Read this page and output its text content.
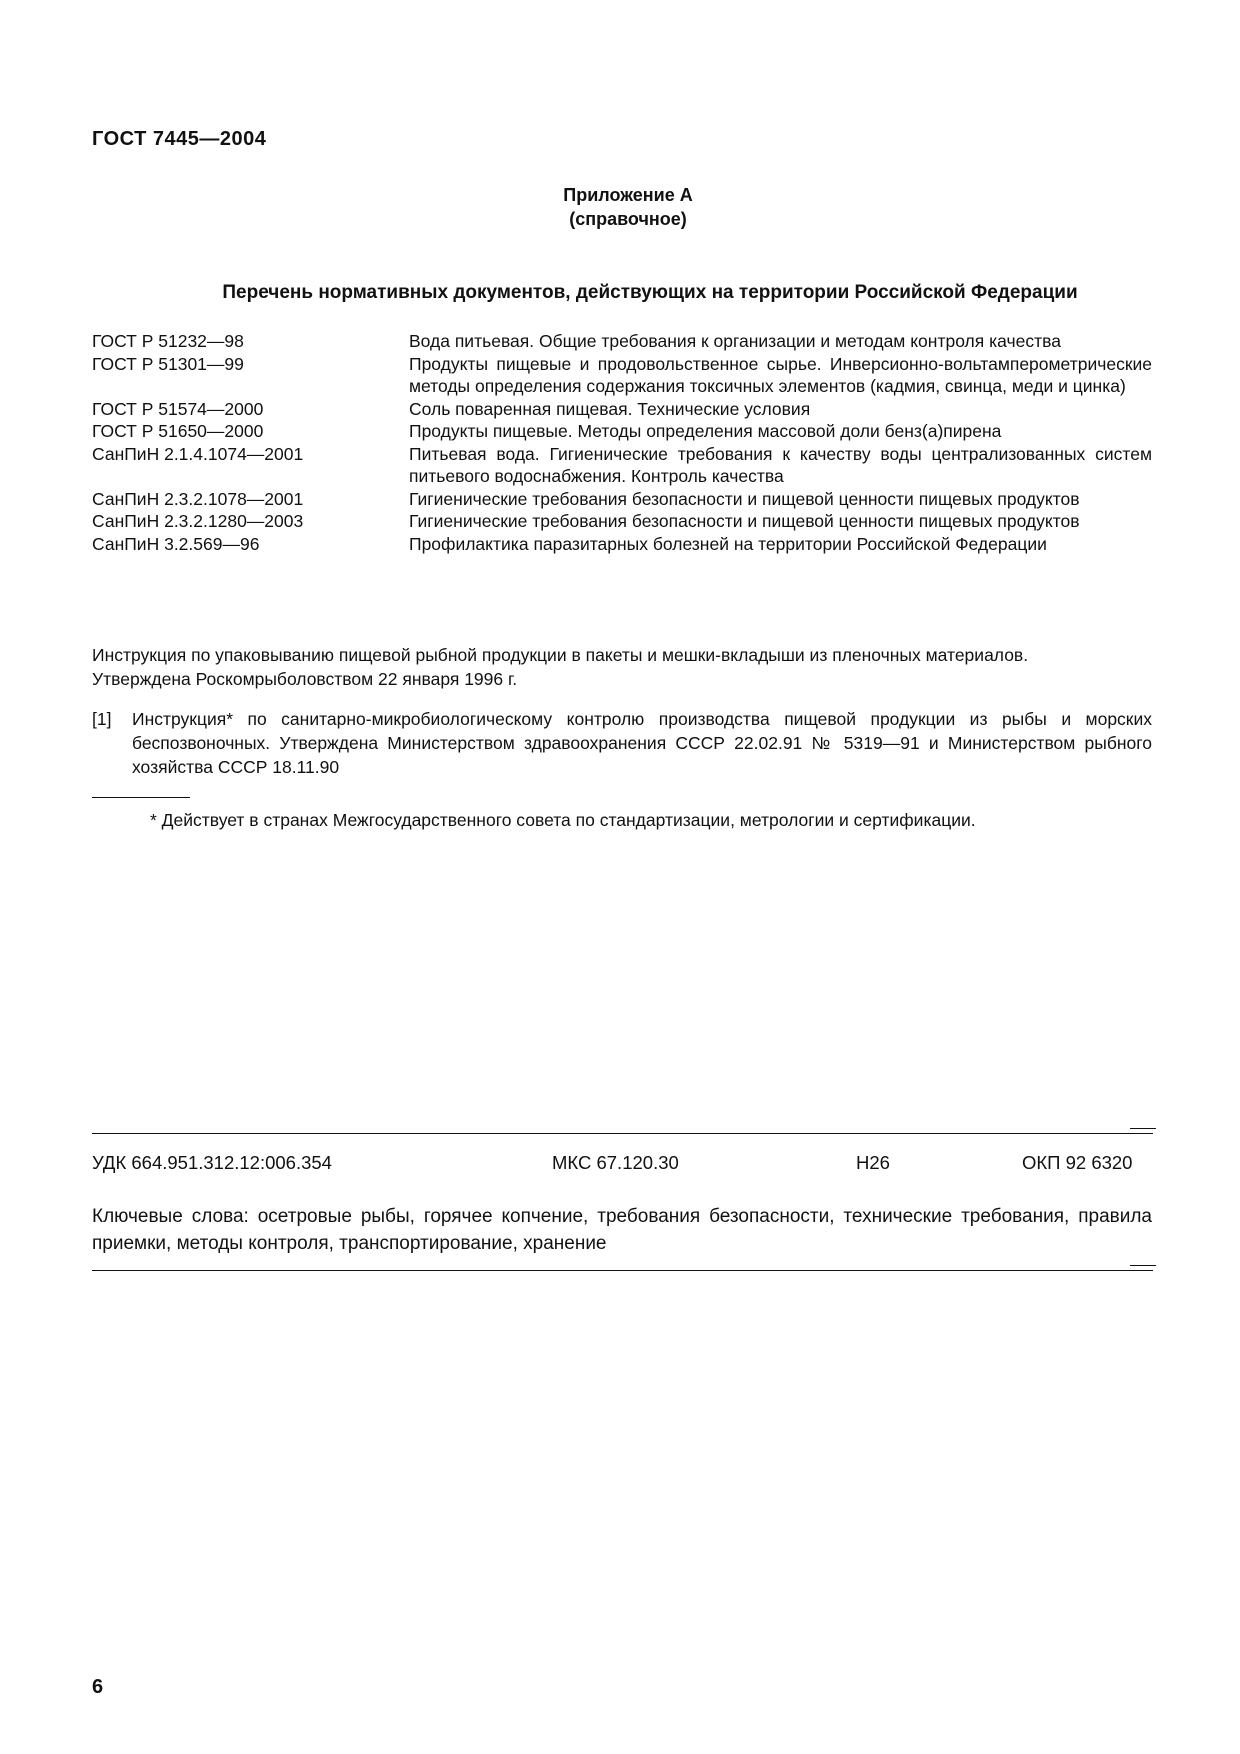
ГОСТ 7445—2004
Приложение А
(справочное)
Перечень нормативных документов, действующих на территории Российской Федерации
ГОСТ Р 51232—98	Вода питьевая. Общие требования к организации и методам контроля качества
ГОСТ Р 51301—99	Продукты пищевые и продовольственное сырье. Инверсионно-вольтамперометрические методы определения содержания токсичных элементов (кадмия, свинца, меди и цинка)
ГОСТ Р 51574—2000	Соль поваренная пищевая. Технические условия
ГОСТ Р 51650—2000	Продукты пищевые. Методы определения массовой доли бенз(а)пирена
СанПиН 2.1.4.1074—2001	Питьевая вода. Гигиенические требования к качеству воды централизованных систем питьевого водоснабжения. Контроль качества
СанПиН 2.3.2.1078—2001	Гигиенические требования безопасности и пищевой ценности пищевых продуктов
СанПиН 2.3.2.1280—2003	Гигиенические требования безопасности и пищевой ценности пищевых продуктов
СанПиН 3.2.569—96	Профилактика паразитарных болезней на территории Российской Федерации
Инструкция по упаковыванию пищевой рыбной продукции в пакеты и мешки-вкладыши из пленочных материалов.
Утверждена Роскомрыболовством 22 января 1996 г.
[1] Инструкция* по санитарно-микробиологическому контролю производства пищевой продукции из рыбы и морских беспозвоночных. Утверждена Министерством здравоохранения СССР 22.02.91 № 5319—91 и Министерством рыбного хозяйства СССР 18.11.90
* Действует в странах Межгосударственного совета по стандартизации, метрологии и сертификации.
УДК 664.951.312.12:006.354	МКС 67.120.30	Н26	ОКП 92 6320
Ключевые слова: осетровые рыбы, горячее копчение, требования безопасности, технические требования, правила приемки, методы контроля, транспортирование, хранение
6
